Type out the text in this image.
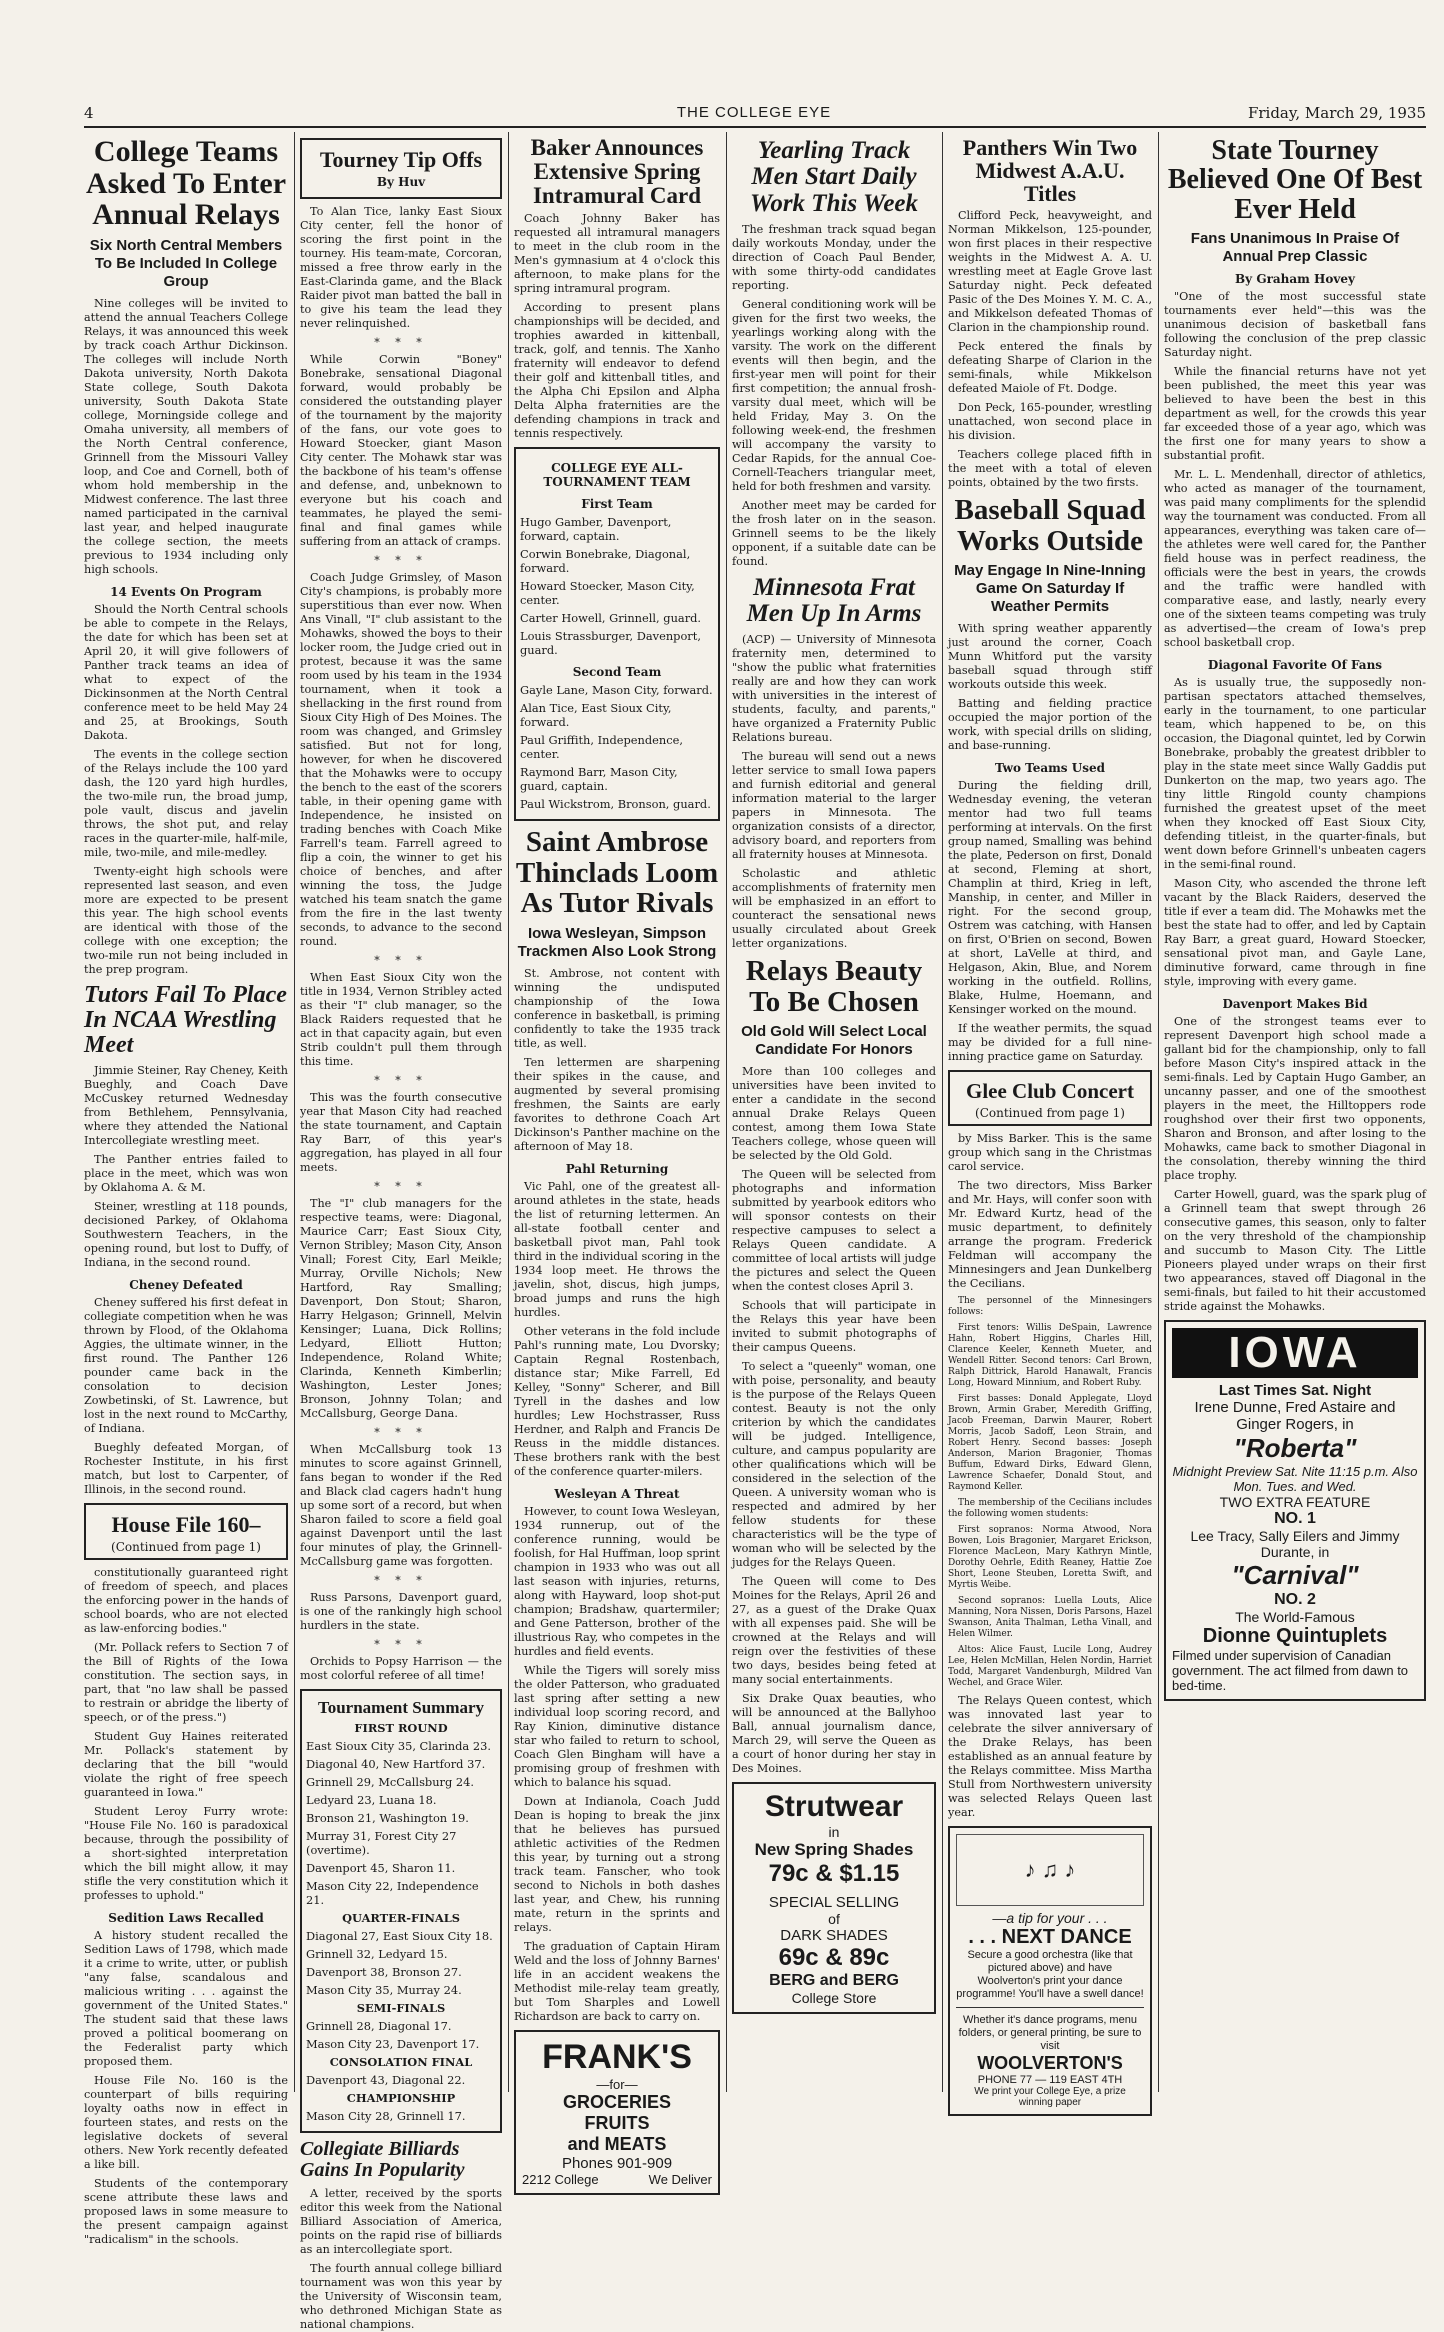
4	THE COLLEGE EYE	Friday, March 29, 1935
College Teams Asked To Enter Annual Relays
Six North Central Members To Be Included In College Group

Nine colleges will be invited to attend the annual Teachers College Relays, it was announced this week by track coach Arthur Dickinson. The colleges will include North Dakota university, North Dakota State college, South Dakota university, South Dakota State college, Morningside college and Omaha university, all members of the North Central conference, Grinnell from the Missouri Valley loop, and Coe and Cornell, both of whom hold membership in the Midwest conference. The last three named participated in the carnival last year, and helped inaugurate the college section, the meets previous to 1934 including only high schools.

14 Events On Program

Should the North Central schools be able to compete in the Relays, the date for which has been set at April 20, it will give followers of Panther track teams an idea of what to expect of the Dickinsonmen at the North Central conference meet to be held May 24 and 25, at Brookings, South Dakota.

The events in the college section of the Relays include the 100 yard dash, the 120 yard high hurdles, the two-mile run, the broad jump, pole vault, discus and javelin throws, the shot put, and relay races in the quarter-mile, half-mile, mile, two-mile, and mile-medley.

Twenty-eight high schools were represented last season, and even more are expected to be present this year. The high school events are identical with those of the college with one exception; the two-mile run not being included in the prep program.

Tutors Fail To Place In NCAA Wrestling Meet

Jimmie Steiner, Ray Cheney, Keith Bueghly, and Coach Dave McCuskey returned Wednesday from Bethlehem, Pennsylvania, where they attended the National Intercollegiate wrestling meet.

The Panther entries failed to place in the meet, which was won by Oklahoma A. & M.

Steiner, wrestling at 118 pounds, decisioned Parkey, of Oklahoma Southwestern Teachers, in the opening round, but lost to Duffy, of Indiana, in the second round.

Cheney Defeated

Cheney suffered his first defeat in collegiate competition when he was thrown by Flood, of the Oklahoma Aggies, the ultimate winner, in the first round. The Panther 126 pounder came back in the consolation to decision Zowbetinski, of St. Lawrence, but lost in the next round to McCarthy, of Indiana.

Bueghly defeated Morgan, of Rochester Institute, in his first match, but lost to Carpenter, of Illinois, in the second round.

House File 160–
(Continued from page 1)

constitutionally guaranteed right of freedom of speech, and places the enforcing power in the hands of school boards, who are not elected as law-enforcing bodies."

(Mr. Pollack refers to Section 7 of the Bill of Rights of the Iowa constitution. The section says, in part, that "no law shall be passed to restrain or abridge the liberty of speech, or of the press.")

Student Guy Haines reiterated Mr. Pollack's statement by declaring that the bill "would violate the right of free speech guaranteed in Iowa."

Student Leroy Furry wrote: "House File No. 160 is paradoxical because, through the possibility of a short-sighted interpretation which the bill might allow, it may stifle the very constitution which it professes to uphold."

Sedition Laws Recalled

A history student recalled the Sedition Laws of 1798, which made it a crime to write, utter, or publish "any false, scandalous and malicious writing . . . against the government of the United States." The student said that these laws proved a political boomerang on the Federalist party which proposed them.

House File No. 160 is the counterpart of bills requiring loyalty oaths now in effect in fourteen states, and rests on the legislative dockets of several others. New York recently defeated a like bill.

Students of the contemporary scene attribute these laws and proposed laws in some measure to the present campaign against "radicalism" in the schools.

Tourney Tip Offs
By Huv

To Alan Tice, lanky East Sioux City center, fell the honor of scoring the first point in the tourney. His team-mate, Corcoran, missed a free throw early in the East-Clarinda game, and the Black Raider pivot man batted the ball in to give his team the lead they never relinquished.

* * *

While Corwin "Boney" Bonebrake, sensational Diagonal forward, would probably be considered the outstanding player of the tournament by the majority of the fans, our vote goes to Howard Stoecker, giant Mason City center. The Mohawk star was the backbone of his team's offense and defense, and, unbeknown to everyone but his coach and teammates, he played the semi-final and final games while suffering from an attack of cramps.

* * *

Coach Judge Grimsley, of Mason City's champions, is probably more superstitious than ever now. When Ans Vinall, "I" club assistant to the Mohawks, showed the boys to their locker room, the Judge cried out in protest, because it was the same room used by his team in the 1934 tournament, when it took a shellacking in the first round from Sioux City High of Des Moines. The room was changed, and Grimsley satisfied. But not for long, however, for when he discovered that the Mohawks were to occupy the bench to the east of the scorers table, in their opening game with Independence, he insisted on trading benches with Coach Mike Farrell's team. Farrell agreed to flip a coin, the winner to get his choice of benches, and after winning the toss, the Judge watched his team snatch the game from the fire in the last twenty seconds, to advance to the second round.

* * *

When East Sioux City won the title in 1934, Vernon Stribley acted as their "I" club manager, so the Black Raiders requested that he act in that capacity again, but even Strib couldn't pull them through this time.

* * *

This was the fourth consecutive year that Mason City had reached the state tournament, and Captain Ray Barr, of this year's aggregation, has played in all four meets.

* * *

The "I" club managers for the respective teams, were: Diagonal, Maurice Carr; East Sioux City, Vernon Stribley; Mason City, Anson Vinall; Forest City, Earl Meikle; Murray, Orville Nichols; New Hartford, Ray Smalling; Davenport, Don Stout; Sharon, Harry Helgason; Grinnell, Melvin Kensinger; Luana, Dick Rollins; Ledyard, Elliott Hutton; Independence, Roland White; Clarinda, Kenneth Kimberlin; Washington, Lester Jones; Bronson, Johnny Tolan; and McCallsburg, George Dana.

* * *

When McCallsburg took 13 minutes to score against Grinnell, fans began to wonder if the Red and Black clad cagers hadn't hung up some sort of a record, but when Sharon failed to score a field goal against Davenport until the last four minutes of play, the Grinnell-McCallsburg game was forgotten.

* * *

Russ Parsons, Davenport guard, is one of the rankingly high school hurdlers in the state.

* * *

Orchids to Popsy Harrison — the most colorful referee of all time!

Tournament Summary
FIRST ROUND
East Sioux City 35, Clarinda 23.
Diagonal 40, New Hartford 37.
Grinnell 29, McCallsburg 24.
Ledyard 23, Luana 18.
Bronson 21, Washington 19.
Murray 31, Forest City 27 (overtime).
Davenport 45, Sharon 11.
Mason City 22, Independence 21.
QUARTER-FINALS
Diagonal 27, East Sioux City 18.
Grinnell 32, Ledyard 15.
Davenport 38, Bronson 27.
Mason City 35, Murray 24.
SEMI-FINALS
Grinnell 28, Diagonal 17.
Mason City 23, Davenport 17.
CONSOLATION FINAL
Davenport 43, Diagonal 22.
CHAMPIONSHIP
Mason City 28, Grinnell 17.
Collegiate Billiards Gains In Popularity

A letter, received by the sports editor this week from the National Billiard Association of America, points on the rapid rise of billiards as an intercollegiate sport.

The fourth annual college billiard tournament was won this year by the University of Wisconsin team, who dethroned Michigan State as national champions.

Baker Announces Extensive Spring Intramural Card

Coach Johnny Baker has requested all intramural managers to meet in the club room in the Men's gymnasium at 4 o'clock this afternoon, to make plans for the spring intramural program.

According to present plans championships will be decided, and trophies awarded in kittenball, track, golf, and tennis. The Xanho fraternity will endeavor to defend their golf and kittenball titles, and the Alpha Chi Epsilon and Alpha Delta Alpha fraternities are the defending champions in track and tennis respectively.

COLLEGE EYE ALL-TOURNAMENT TEAM
First Team
Hugo Gamber, Davenport, forward, captain.
Corwin Bonebrake, Diagonal, forward.
Howard Stoecker, Mason City, center.
Carter Howell, Grinnell, guard.
Louis Strassburger, Davenport, guard.
Second Team
Gayle Lane, Mason City, forward.
Alan Tice, East Sioux City, forward.
Paul Griffith, Independence, center.
Raymond Barr, Mason City, guard, captain.
Paul Wickstrom, Bronson, guard.
Saint Ambrose Thinclads Loom As Tutor Rivals
Iowa Wesleyan, Simpson Trackmen Also Look Strong

St. Ambrose, not content with winning the undisputed championship of the Iowa conference in basketball, is priming confidently to take the 1935 track title, as well.

Ten lettermen are sharpening their spikes in the cause, and augmented by several promising freshmen, the Saints are early favorites to dethrone Coach Art Dickinson's Panther machine on the afternoon of May 18.

Pahl Returning

Vic Pahl, one of the greatest all-around athletes in the state, heads the list of returning lettermen. An all-state football center and basketball pivot man, Pahl took third in the individual scoring in the 1934 loop meet. He throws the javelin, shot, discus, high jumps, broad jumps and runs the high hurdles.

Other veterans in the fold include Pahl's running mate, Lou Dvorsky; Captain Regnal Rostenbach, distance star; Mike Farrell, Ed Kelley, "Sonny" Scherer, and Bill Tyrell in the dashes and low hurdles; Lew Hochstrasser, Russ Herdner, and Ralph and Francis De Reuss in the middle distances. These brothers rank with the best of the conference quarter-milers.

Wesleyan A Threat

However, to count Iowa Wesleyan, 1934 runnerup, out of the conference running, would be foolish, for Hal Huffman, loop sprint champion in 1933 who was out all last season with injuries, returns, along with Hayward, loop shot-put champion; Bradshaw, quartermiler; and Gene Patterson, brother of the illustrious Ray, who competes in the hurdles and field events.

While the Tigers will sorely miss the older Patterson, who graduated last spring after setting a new individual loop scoring record, and Ray Kinion, diminutive distance star who failed to return to school, Coach Glen Bingham will have a promising group of freshmen with which to balance his squad.

Down at Indianola, Coach Judd Dean is hoping to break the jinx that he believes has pursued athletic activities of the Redmen this year, by turning out a strong track team. Fanscher, who took second to Nichols in both dashes last year, and Chew, his running mate, return in the sprints and relays.

The graduation of Captain Hiram Weld and the loss of Johnny Barnes' life in an accident weakens the Methodist mile-relay team greatly, but Tom Sharples and Lowell Richardson are back to carry on.

FRANK'S
—for—
GROCERIES
FRUITS
and MEATS
Phones 901-909
2212 College	We Deliver
Yearling Track Men Start Daily Work This Week

The freshman track squad began daily workouts Monday, under the direction of Coach Paul Bender, with some thirty-odd candidates reporting.

General conditioning work will be given for the first two weeks, the yearlings working along with the varsity. The work on the different events will then begin, and the first-year men will point for their first competition; the annual frosh-varsity dual meet, which will be held Friday, May 3. On the following week-end, the freshmen will accompany the varsity to Cedar Rapids, for the annual Coe-Cornell-Teachers triangular meet, held for both freshmen and varsity.

Another meet may be carded for the frosh later on in the season. Grinnell seems to be the likely opponent, if a suitable date can be found.

Minnesota Frat Men Up In Arms

(ACP) — University of Minnesota fraternity men, determined to "show the public what fraternities really are and how they can work with universities in the interest of students, faculty, and parents," have organized a Fraternity Public Relations bureau.

The bureau will send out a news letter service to small Iowa papers and furnish editorial and general information material to the larger papers in Minnesota. The organization consists of a director, advisory board, and reporters from all fraternity houses at Minnesota.

Scholastic and athletic accomplishments of fraternity men will be emphasized in an effort to counteract the sensational news usually circulated about Greek letter organizations.

Relays Beauty To Be Chosen
Old Gold Will Select Local Candidate For Honors

More than 100 colleges and universities have been invited to enter a candidate in the second annual Drake Relays Queen contest, among them Iowa State Teachers college, whose queen will be selected by the Old Gold.

The Queen will be selected from photographs and information submitted by yearbook editors who will sponsor contests on their respective campuses to select a Relays Queen candidate. A committee of local artists will judge the pictures and select the Queen when the contest closes April 3.

Schools that will participate in the Relays this year have been invited to submit photographs of their campus Queens.

To select a "queenly" woman, one with poise, personality, and beauty is the purpose of the Relays Queen contest. Beauty is not the only criterion by which the candidates will be judged. Intelligence, culture, and campus popularity are other qualifications which will be considered in the selection of the Queen. A university woman who is respected and admired by her fellow students for these characteristics will be the type of woman who will be selected by the judges for the Relays Queen.

The Queen will come to Des Moines for the Relays, April 26 and 27, as a guest of the Drake Quax with all expenses paid. She will be crowned at the Relays and will reign over the festivities of these two days, besides being feted at many social entertainments.

Six Drake Quax beauties, who will be announced at the Ballyhoo Ball, annual journalism dance, March 29, will serve the Queen as a court of honor during her stay in Des Moines.

Strutwear
in
New Spring Shades
79c & $1.15
SPECIAL SELLING
of
DARK SHADES
69c & 89c
BERG and BERG
College Store
Panthers Win Two Midwest A.A.U. Titles

Clifford Peck, heavyweight, and Norman Mikkelson, 125-pounder, won first places in their respective weights in the Midwest A. A. U. wrestling meet at Eagle Grove last Saturday night. Peck defeated Pasic of the Des Moines Y. M. C. A., and Mikkelson defeated Thomas of Clarion in the championship round.

Peck entered the finals by defeating Sharpe of Clarion in the semi-finals, while Mikkelson defeated Maiole of Ft. Dodge.

Don Peck, 165-pounder, wrestling unattached, won second place in his division.

Teachers college placed fifth in the meet with a total of eleven points, obtained by the two firsts.

Baseball Squad Works Outside
May Engage In Nine-Inning Game On Saturday If Weather Permits

With spring weather apparently just around the corner, Coach Munn Whitford put the varsity baseball squad through stiff workouts outside this week.

Batting and fielding practice occupied the major portion of the work, with special drills on sliding, and base-running.

Two Teams Used

During the fielding drill, Wednesday evening, the veteran mentor had two full teams performing at intervals. On the first group named, Smalling was behind the plate, Pederson on first, Donald at second, Fleming at short, Champlin at third, Krieg in left, Manship, in center, and Miller in right. For the second group, Ostrem was catching, with Hansen on first, O'Brien on second, Bowen at short, LaVelle at third, and Helgason, Akin, Blue, and Norem working in the outfield. Rollins, Blake, Hulme, Hoemann, and Kensinger worked on the mound.

If the weather permits, the squad may be divided for a full nine-inning practice game on Saturday.

Glee Club Concert
(Continued from page 1)

by Miss Barker. This is the same group which sang in the Christmas carol service.

The two directors, Miss Barker and Mr. Hays, will confer soon with Mr. Edward Kurtz, head of the music department, to definitely arrange the program. Frederick Feldman will accompany the Minnesingers and Jean Dunkelberg the Cecilians.

The personnel of the Minnesingers follows:

First tenors: Willis DeSpain, Lawrence Hahn, Robert Higgins, Charles Hill, Clarence Keeler, Kenneth Mueter, and Wendell Ritter. Second tenors: Carl Brown, Ralph Dittrick, Harold Hanawalt, Francis Long, Howard Minnium, and Robert Ruby.

First basses: Donald Applegate, Lloyd Brown, Armin Graber, Meredith Griffing, Jacob Freeman, Darwin Maurer, Robert Morris, Jacob Sadoff, Leon Strain, and Robert Henry. Second basses: Joseph Anderson, Marion Bragonier, Thomas Buffum, Edward Dirks, Edward Glenn, Lawrence Schaefer, Donald Stout, and Raymond Keller.

The membership of the Cecilians includes the following women students:

First sopranos: Norma Atwood, Nora Bowen, Lois Bragonier, Margaret Erickson, Florence MacLeon, Mary Kathryn Mintle, Dorothy Oehrle, Edith Reaney, Hattie Zoe Short, Leone Steuben, Loretta Swift, and Myrtis Weibe.

Second sopranos: Luella Louts, Alice Manning, Nora Nissen, Doris Parsons, Hazel Swanson, Anita Thalman, Letha Vinall, and Helen Wilmer.

Altos: Alice Faust, Lucile Long, Audrey Lee, Helen McMillan, Helen Nordin, Harriet Todd, Margaret Vandenburgh, Mildred Van Wechel, and Grace Wiler.

The Relays Queen contest, which was innovated last year to celebrate the silver anniversary of the Drake Relays, has been established as an annual feature by the Relays committee. Miss Martha Stull from Northwestern university was selected Relays Queen last year.

♪ ♫ ♪
—a tip for your . . .
. . . NEXT DANCE
Secure a good orchestra (like that pictured above) and have Woolverton's print your dance programme! You'll have a swell dance!
Whether it's dance programs, menu folders, or general printing, be sure to visit
WOOLVERTON'S
PHONE 77 — 119 EAST 4TH
We print your College Eye, a prize winning paper
State Tourney Believed One Of Best Ever Held
Fans Unanimous In Praise Of Annual Prep Classic
By Graham Hovey

"One of the most successful state tournaments ever held"—this was the unanimous decision of basketball fans following the conclusion of the prep classic Saturday night.

While the financial returns have not yet been published, the meet this year was believed to have been the best in this department as well, for the crowds this year far exceeded those of a year ago, which was the first one for many years to show a substantial profit.

Mr. L. L. Mendenhall, director of athletics, who acted as manager of the tournament, was paid many compliments for the splendid way the tournament was conducted. From all appearances, everything was taken care of—the athletes were well cared for, the Panther field house was in perfect readiness, the officials were the best in years, the crowds and the traffic were handled with comparative ease, and lastly, nearly every one of the sixteen teams competing was truly as advertised—the cream of Iowa's prep school basketball crop.

Diagonal Favorite Of Fans

As is usually true, the supposedly non-partisan spectators attached themselves, early in the tournament, to one particular team, which happened to be, on this occasion, the Diagonal quintet, led by Corwin Bonebrake, probably the greatest dribbler to play in the state meet since Wally Gaddis put Dunkerton on the map, two years ago. The tiny little Ringold county champions furnished the greatest upset of the meet when they knocked off East Sioux City, defending titleist, in the quarter-finals, but went down before Grinnell's unbeaten cagers in the semi-final round.

Mason City, who ascended the throne left vacant by the Black Raiders, deserved the title if ever a team did. The Mohawks met the best the state had to offer, and led by Captain Ray Barr, a great guard, Howard Stoecker, sensational pivot man, and Gayle Lane, diminutive forward, came through in fine style, improving with every game.

Davenport Makes Bid

One of the strongest teams ever to represent Davenport high school made a gallant bid for the championship, only to fall before Mason City's inspired attack in the semi-finals. Led by Captain Hugo Gamber, an uncanny passer, and one of the smoothest players in the meet, the Hilltoppers rode roughshod over their first two opponents, Sharon and Bronson, and after losing to the Mohawks, came back to smother Diagonal in the consolation, thereby winning the third place trophy.

Carter Howell, guard, was the spark plug of a Grinnell team that swept through 26 consecutive games, this season, only to falter on the very threshold of the championship and succumb to Mason City. The Little Pioneers played under wraps on their first two appearances, staved off Diagonal in the semi-finals, but failed to hit their accustomed stride against the Mohawks.

IOWA
Last Times Sat. Night
Irene Dunne, Fred Astaire and Ginger Rogers, in
"Roberta"
Midnight Preview Sat. Nite 11:15 p.m. Also Mon. Tues. and Wed.
TWO EXTRA FEATURE
NO. 1
Lee Tracy, Sally Eilers and Jimmy Durante, in
"Carnival"
NO. 2
The World-Famous
Dionne Quintuplets
Filmed under supervision of Canadian government. The act filmed from dawn to bed-time.
